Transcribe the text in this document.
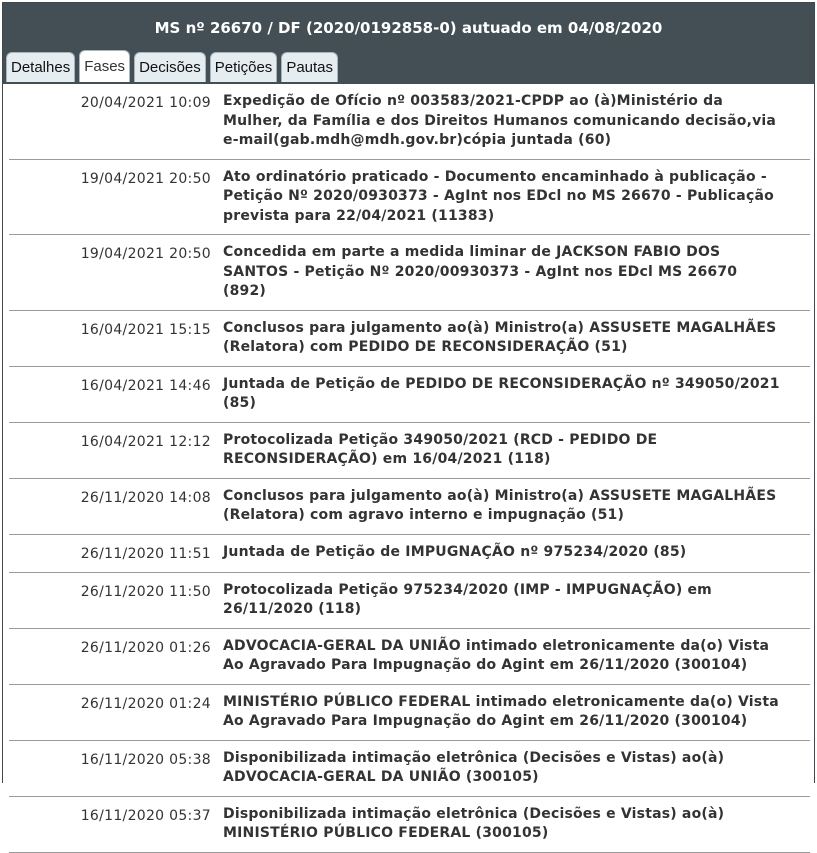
MS nº 26670 / DF (2020/0192858-0) autuado em 04/08/2020
Detalhes Fases Decisões Petições Pautas
20/04/2021 10:09 Expedição de Ofício nº 003583/2021-CPDP ao (à)Ministério da Mulher, da Família e dos Direitos Humanos comunicando decisão,via e-mail(gab.mdh@mdh.gov.br)cópia juntada (60)
19/04/2021 20:50 Ato ordinatório praticado - Documento encaminhado à publicação - Petição Nº 2020/0930373 - AgInt nos EDcl no MS 26670 - Publicação prevista para 22/04/2021 (11383)
19/04/2021 20:50 Concedida em parte a medida liminar de JACKSON FABIO DOS SANTOS - Petição Nº 2020/00930373 - AgInt nos EDcl MS 26670 (892)
16/04/2021 15:15 Conclusos para julgamento ao(à) Ministro(a) ASSUSETE MAGALHÃES (Relatora) com PEDIDO DE RECONSIDERAÇÃO (51)
16/04/2021 14:46 Juntada de Petição de PEDIDO DE RECONSIDERAÇÃO nº 349050/2021 (85)
16/04/2021 12:12 Protocolizada Petição 349050/2021 (RCD - PEDIDO DE RECONSIDERAÇÃO) em 16/04/2021 (118)
26/11/2020 14:08 Conclusos para julgamento ao(à) Ministro(a) ASSUSETE MAGALHÃES (Relatora) com agravo interno e impugnação (51)
26/11/2020 11:51 Juntada de Petição de IMPUGNAÇÃO nº 975234/2020 (85)
26/11/2020 11:50 Protocolizada Petição 975234/2020 (IMP - IMPUGNAÇÃO) em 26/11/2020 (118)
26/11/2020 01:26 ADVOCACIA-GERAL DA UNIÃO intimado eletronicamente da(o) Vista Ao Agravado Para Impugnação do Agint em 26/11/2020 (300104)
26/11/2020 01:24 MINISTÉRIO PÚBLICO FEDERAL intimado eletronicamente da(o) Vista Ao Agravado Para Impugnação do Agint em 26/11/2020 (300104)
16/11/2020 05:38 Disponibilizada intimação eletrônica (Decisões e Vistas) ao(à) ADVOCACIA-GERAL DA UNIÃO (300105)
16/11/2020 05:37 Disponibilizada intimação eletrônica (Decisões e Vistas) ao(à) MINISTÉRIO PÚBLICO FEDERAL (300105)
